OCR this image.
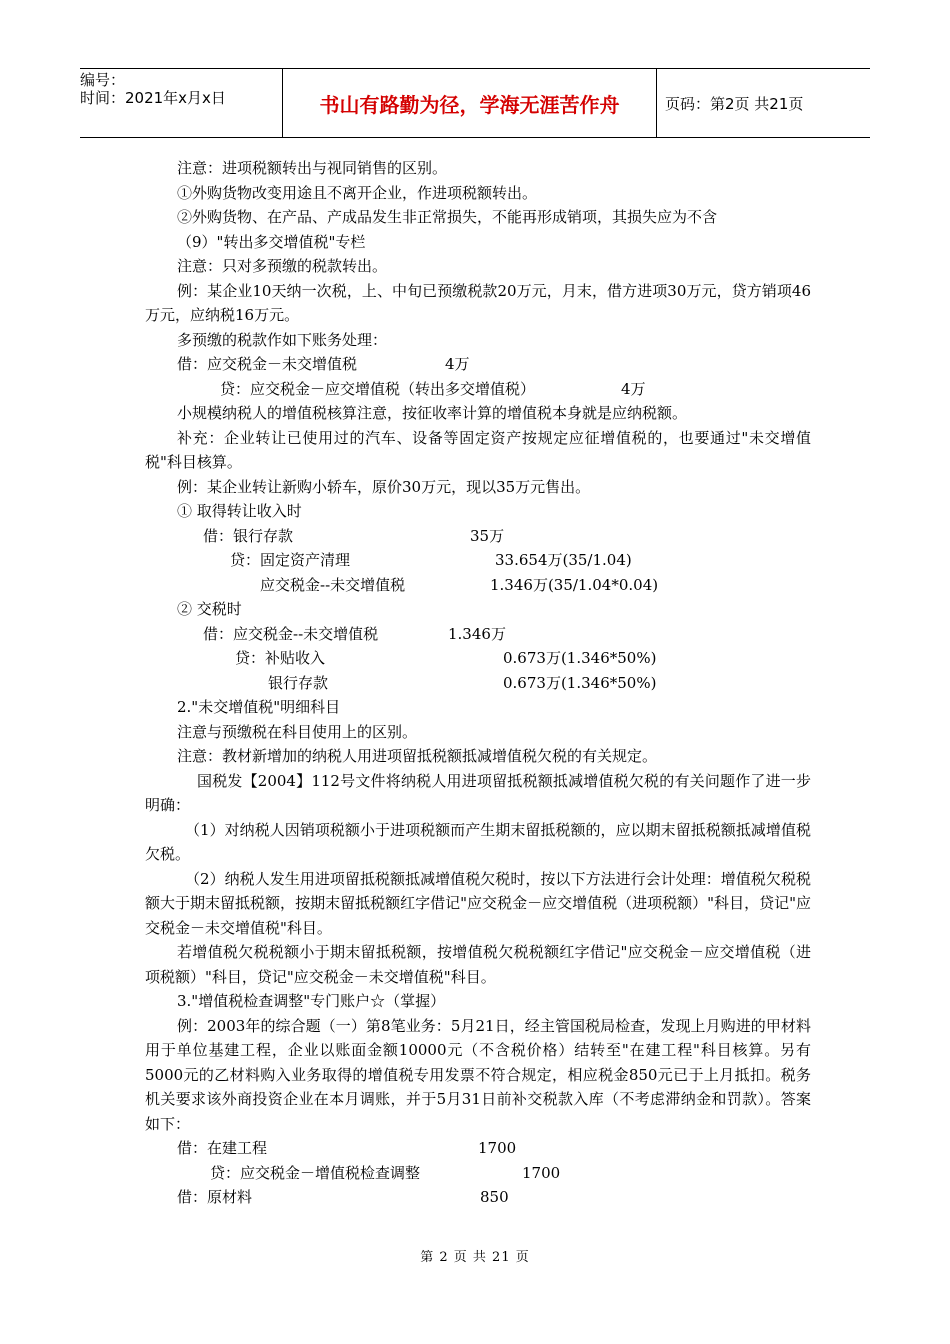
编号：
时间：2021年x月x日	书山有路勤为径，学海无涯苦作舟	页码：第2页 共21页
注意：进项税额转出与视同销售的区别。
①外购货物改变用途且不离开企业，作进项税额转出。
②外购货物、在产品、产成品发生非正常损失，不能再形成销项，其损失应为不含
（9）"转出多交增值税"专栏
注意：只对多预缴的税款转出。
例：某企业10天纳一次税，上、中旬已预缴税款20万元，月末，借方进项30万元，贷方销项46万元，应纳税16万元。
多预缴的税款作如下账务处理：
借：应交税金－未交增值税	4万
贷：应交税金－应交增值税（转出多交增值税）	4万
小规模纳税人的增值税核算注意，按征收率计算的增值税本身就是应纳税额。
补充：企业转让已使用过的汽车、设备等固定资产按规定应征增值税的，也要通过"未交增值税"科目核算。
例：某企业转让新购小轿车，原价30万元，现以35万元售出。
① 取得转让收入时
借：银行存款	35万
贷：固定资产清理	33.654万(35/1.04)
应交税金--未交增值税	1.346万(35/1.04*0.04)
② 交税时
借：应交税金--未交增值税	1.346万
贷：补贴收入	0.673万(1.346*50%)
银行存款	0.673万(1.346*50%)
2."未交增值税"明细科目
注意与预缴税在科目使用上的区别。
注意：教材新增加的纳税人用进项留抵税额抵减增值税欠税的有关规定。
国税发【2004】112号文件将纳税人用进项留抵税额抵减增值税欠税的有关问题作了进一步明确：
（1）对纳税人因销项税额小于进项税额而产生期末留抵税额的，应以期末留抵税额抵减增值税欠税。
（2）纳税人发生用进项留抵税额抵减增值税欠税时，按以下方法进行会计处理：增值税欠税税额大于期末留抵税额，按期末留抵税额红字借记"应交税金－应交增值税（进项税额）"科目，贷记"应交税金－未交增值税"科目。
若增值税欠税税额小于期末留抵税额，按增值税欠税税额红字借记"应交税金－应交增值税（进项税额）"科目，贷记"应交税金－未交增值税"科目。
3."增值税检查调整"专门账户☆（掌握）
例：2003年的综合题（一）第8笔业务：5月21日，经主管国税局检查，发现上月购进的甲材料用于单位基建工程，企业以账面金额10000元（不含税价格）结转至"在建工程"科目核算。另有5000元的乙材料购入业务取得的增值税专用发票不符合规定，相应税金850元已于上月抵扣。税务机关要求该外商投资企业在本月调账，并于5月31日前补交税款入库（不考虑滞纳金和罚款）。答案如下：
借：在建工程	1700
贷：应交税金－增值税检查调整	1700
借：原材料	850
第 2 页 共 21 页
